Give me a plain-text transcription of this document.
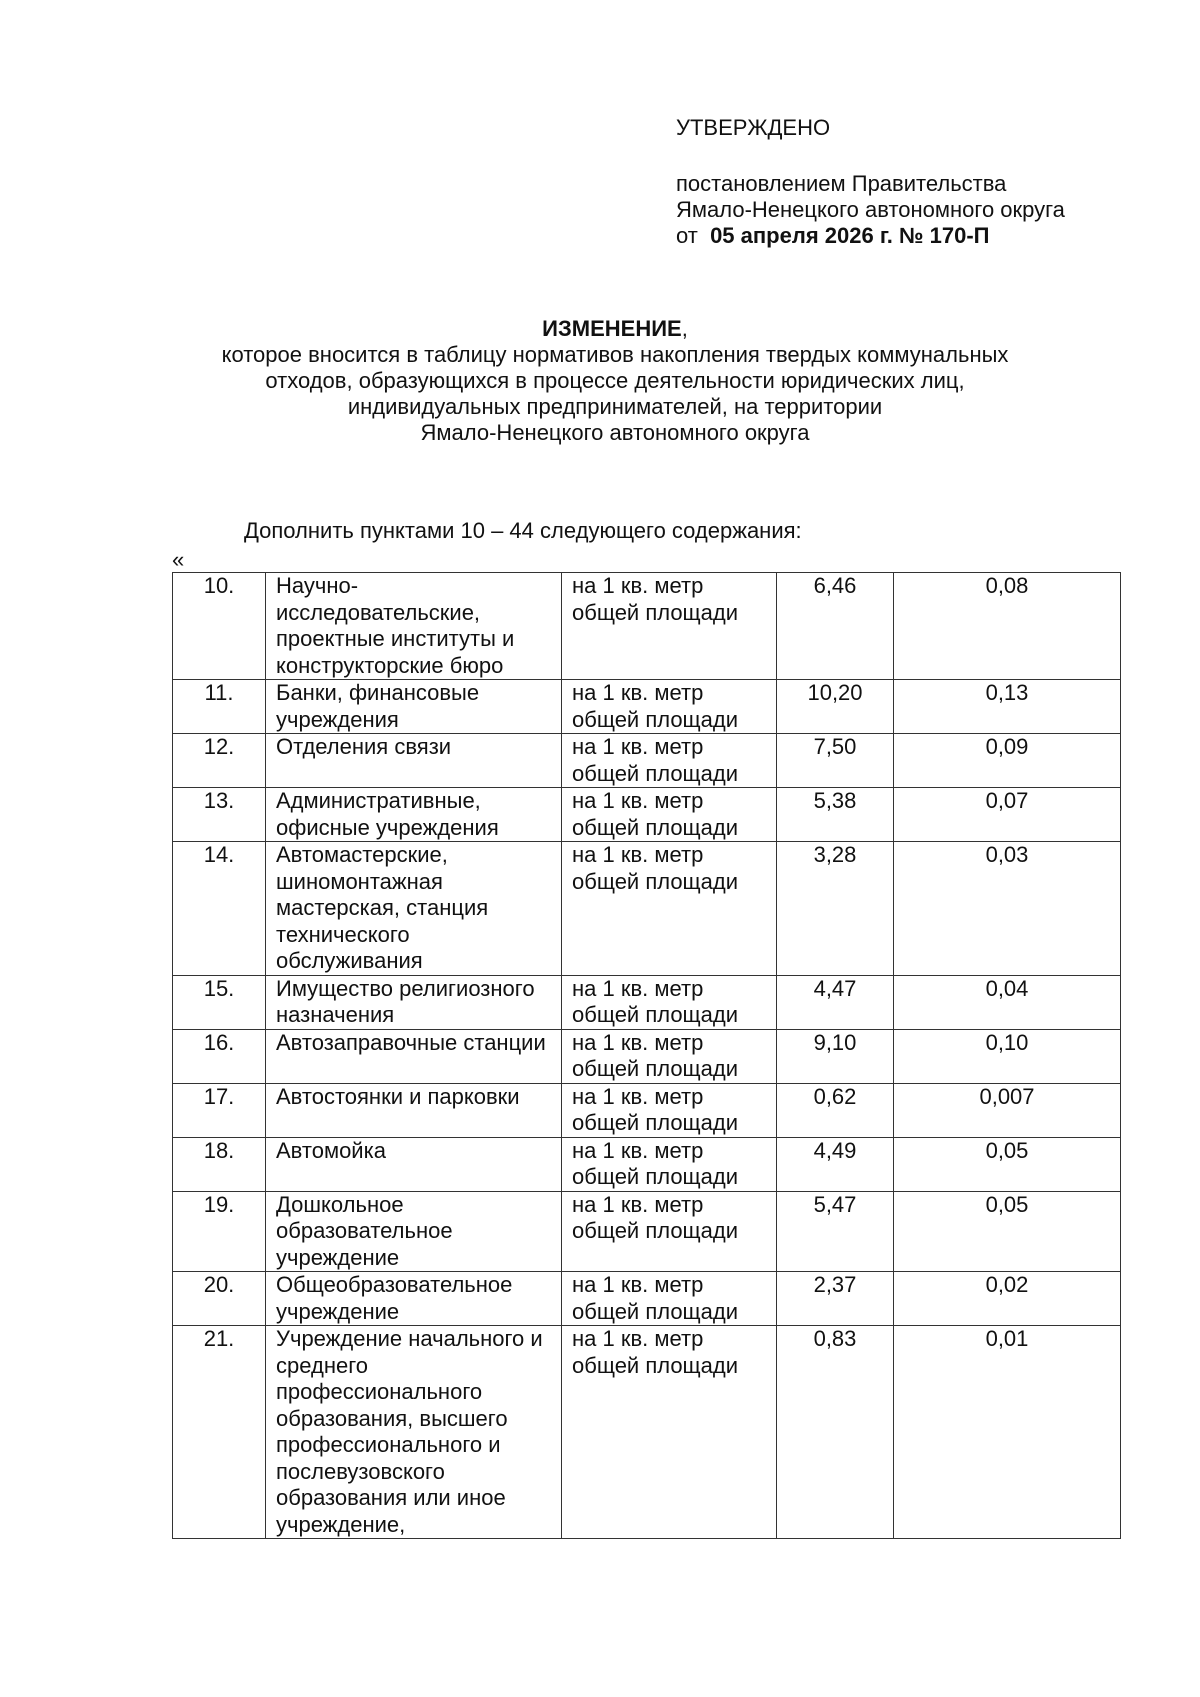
УТВЕРЖДЕНО

постановлением Правительства

Ямало-Ненецкого автономного округа

от 05 апреля 2026 г. № 170-П

ИЗМЕНЕНИЕ,

которое вносится в таблицу нормативов накопления твердых коммунальных

отходов, образующихся в процессе деятельности юридических лиц,

индивидуальных предпринимателей, на территории

Ямало-Ненецкого автономного округа

Дополнить пунктами 10 – 44 следующего содержания:

«

10.	Научно-исследовательские, проектные институты и конструкторские бюро	на 1 кв. метр общей площади	6,46	0,08
11.	Банки, финансовые учреждения	на 1 кв. метр общей площади	10,20	0,13
12.	Отделения связи	на 1 кв. метр общей площади	7,50	0,09
13.	Административные, офисные учреждения	на 1 кв. метр общей площади	5,38	0,07
14.	Автомастерские, шиномонтажная мастерская, станция технического обслуживания	на 1 кв. метр общей площади	3,28	0,03
15.	Имущество религиозного назначения	на 1 кв. метр общей площади	4,47	0,04
16.	Автозаправочные станции	на 1 кв. метр общей площади	9,10	0,10
17.	Автостоянки и парковки	на 1 кв. метр общей площади	0,62	0,007
18.	Автомойка	на 1 кв. метр общей площади	4,49	0,05
19.	Дошкольное образовательное учреждение	на 1 кв. метр общей площади	5,47	0,05
20.	Общеобразовательное учреждение	на 1 кв. метр общей площади	2,37	0,02
21.	Учреждение начального и среднего профессионального образования, высшего профессионального и послевузовского образования или иное учреждение,	на 1 кв. метр общей площади	0,83	0,01
